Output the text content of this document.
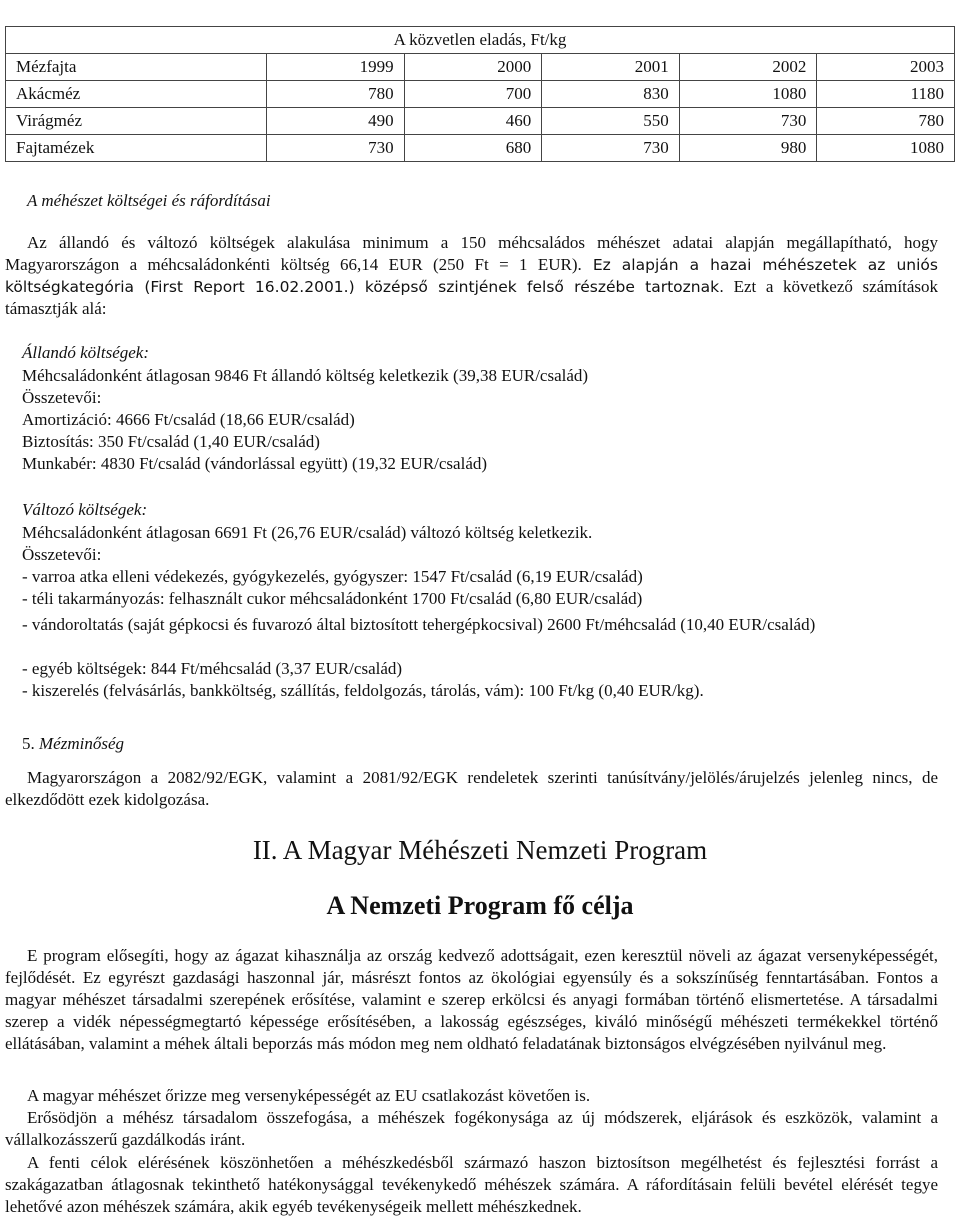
A közvetlen eladás, Ft/kg					
Mézfajta	1999	2000	2001	2002	2003
Akácméz	780	700	830	1080	1180
Virágméz	490	460	550	730	780
Fajtamézek	730	680	730	980	1080
A méhészet költségei és ráfordításai
Az állandó és változó költségek alakulása minimum a 150 méhcsaládos méhészet adatai alapján megállapítható, hogy Magyarországon a méhcsaládonkénti költség 66,14 EUR (250 Ft = 1 EUR). Ez alapján a hazai méhészetek az uniós költségkategória (First Report 16.02.2001.) középső szintjének felső részébe tartoznak. Ezt a következő számítások támasztják alá:
Állandó költségek:

Méhcsaládonként átlagosan 9846 Ft állandó költség keletkezik (39,38 EUR/család)

Összetevői:

Amortizáció: 4666 Ft/család (18,66 EUR/család)

Biztosítás: 350 Ft/család (1,40 EUR/család)

Munkabér: 4830 Ft/család (vándorlással együtt) (19,32 EUR/család)

Változó költségek:

Méhcsaládonként átlagosan 6691 Ft (26,76 EUR/család) változó költség keletkezik.

Összetevői:

- varroa atka elleni védekezés, gyógykezelés, gyógyszer: 1547 Ft/család (6,19 EUR/család)

- téli takarmányozás: felhasznált cukor méhcsaládonként 1700 Ft/család (6,80 EUR/család)

- vándoroltatás (saját gépkocsi és fuvarozó által biztosított tehergépkocsival) 2600 Ft/méhcsalád (10,40 EUR/család)

- egyéb költségek: 844 Ft/méhcsalád (3,37 EUR/család)

- kiszerelés (felvásárlás, bankköltség, szállítás, feldolgozás, tárolás, vám): 100 Ft/kg (0,40 EUR/kg).

5. Mézminőség
Magyarországon a 2082/92/EGK, valamint a 2081/92/EGK rendeletek szerinti tanúsítvány/jelölés/árujelzés jelenleg nincs, de elkezdődött ezek kidolgozása.
II. A Magyar Méhészeti Nemzeti Program
A Nemzeti Program fő célja
E program elősegíti, hogy az ágazat kihasználja az ország kedvező adottságait, ezen keresztül növeli az ágazat versenyképességét, fejlődését. Ez egyrészt gazdasági haszonnal jár, másrészt fontos az ökológiai egyensúly és a sokszínűség fenntartásában. Fontos a magyar méhészet társadalmi szerepének erősítése, valamint e szerep erkölcsi és anyagi formában történő elismertetése. A társadalmi szerep a vidék népességmegtartó képessége erősítésében, a lakosság egészséges, kiváló minőségű méhészeti termékekkel történő ellátásában, valamint a méhek általi beporzás más módon meg nem oldható feladatának biztonságos elvégzésében nyilvánul meg.
A magyar méhészet őrizze meg versenyképességét az EU csatlakozást követően is.
Erősödjön a méhész társadalom összefogása, a méhészek fogékonysága az új módszerek, eljárások és eszközök, valamint a vállalkozásszerű gazdálkodás iránt.
A fenti célok elérésének köszönhetően a méhészkedésből származó haszon biztosítson megélhetést és fejlesztési forrást a szakágazatban átlagosnak tekinthető hatékonysággal tevékenykedő méhészek számára. A ráfordításain felüli bevétel elérését tegye lehetővé azon méhészek számára, akik egyéb tevékenységeik mellett méhészkednek.
